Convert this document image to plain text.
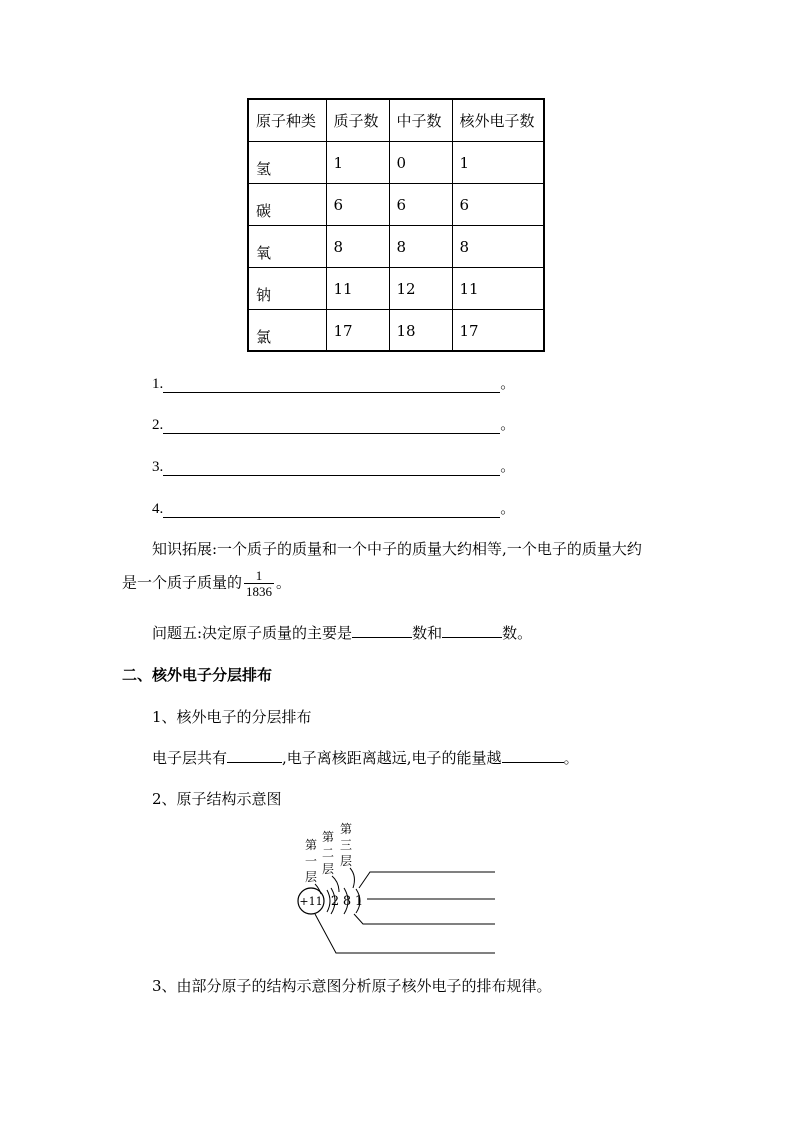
原子种类	质子数	中子数	核外电子数
氢	1	0	1
碳	6	6	6
氧	8	8	8
钠	11	12	11
氯	17	18	17
1.	。
2.	。
3.	。
4.	。
知识拓展:一个质子的质量和一个中子的质量大约相等,一个电子的质量大约
是一个质子质量的 $\frac{1}{1836}$ 。
问题五:决定原子质量的主要是	数和	数。
二、核外电子分层排布
1、核外电子的分层排布
电子层共有	,电子离核距离越远,电子的能量越	。
2、原子结构示意图
第
一
层
第
二
层
第
三
层
+11 2 8 1
3、由部分原子的结构示意图分析原子核外电子的排布规律。
